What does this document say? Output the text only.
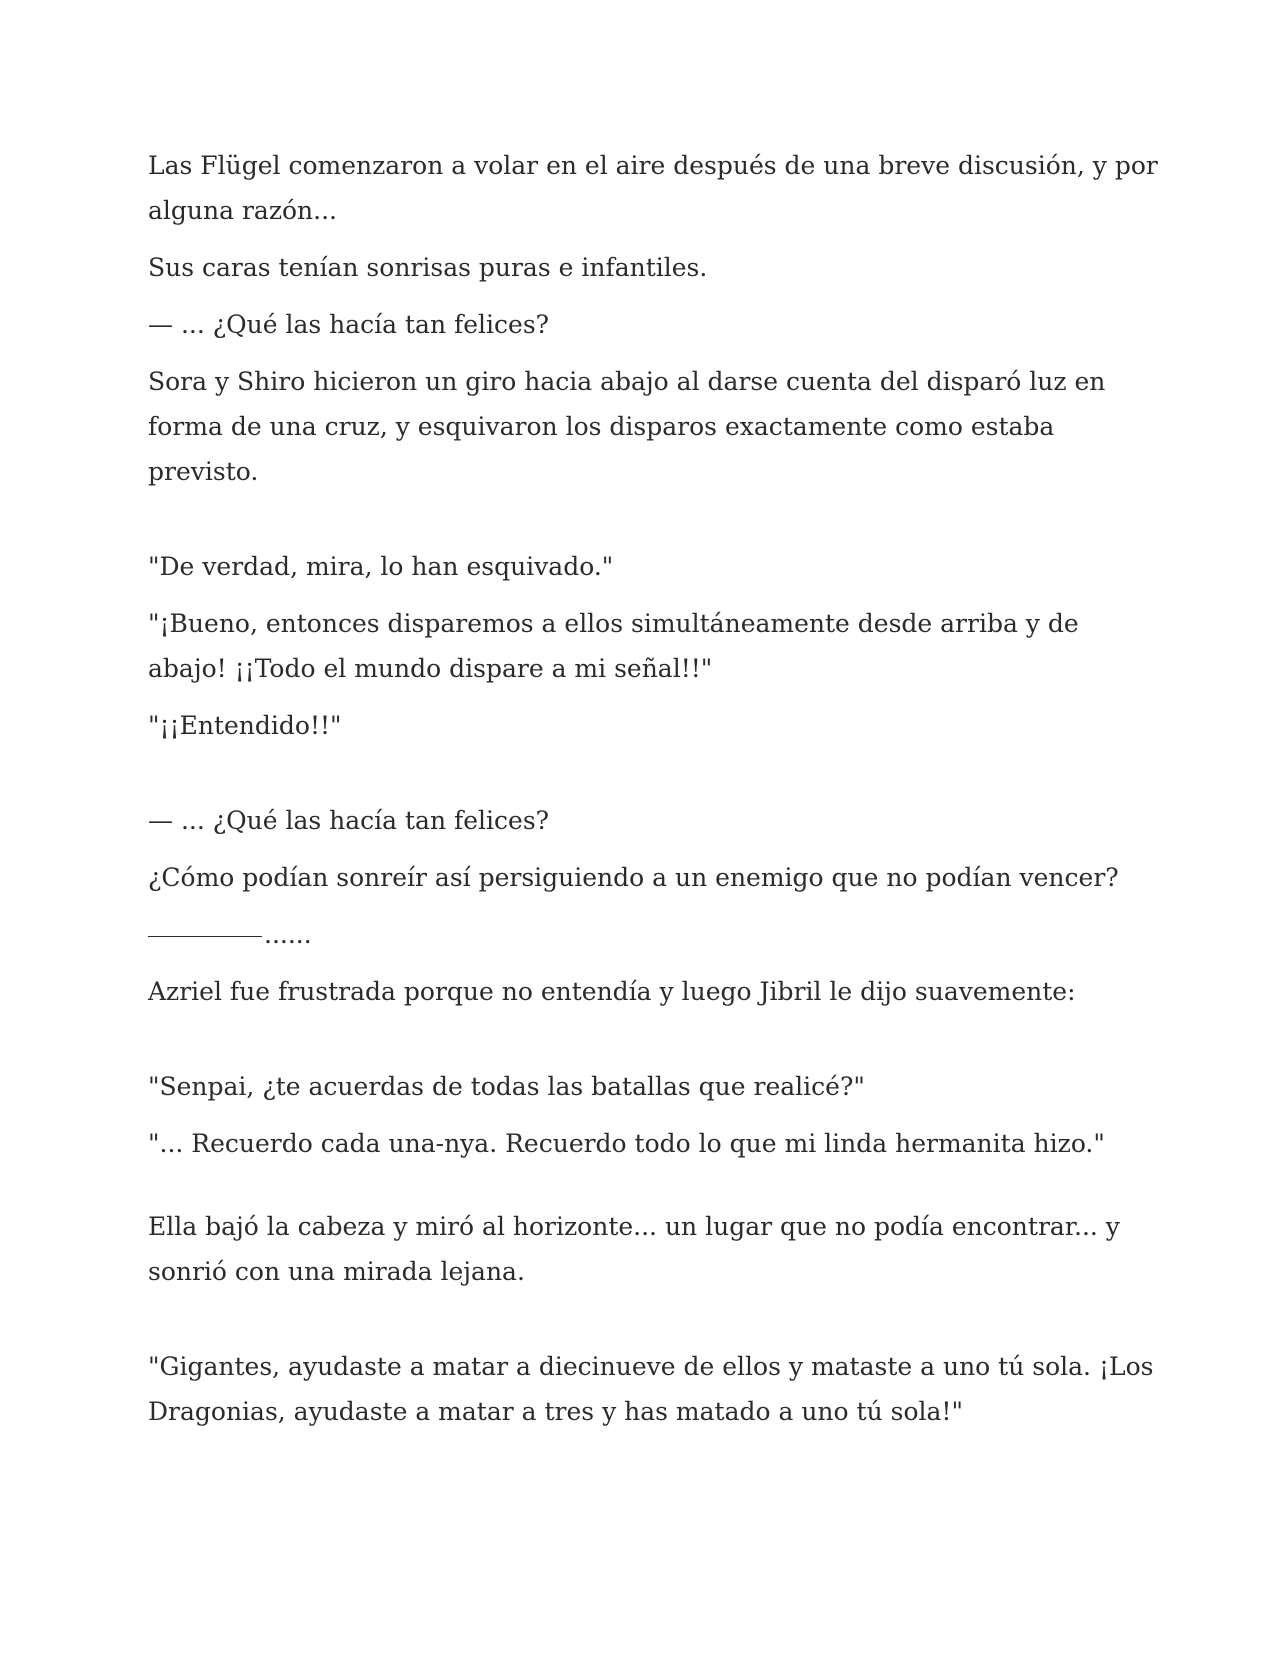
Las Flügel comenzaron a volar en el aire después de una breve discusión, y por alguna razón...

Sus caras tenían sonrisas puras e infantiles.

— ... ¿Qué las hacía tan felices?

Sora y Shiro hicieron un giro hacia abajo al darse cuenta del disparó luz en forma de una cruz, y esquivaron los disparos exactamente como estaba previsto.

"De verdad, mira, lo han esquivado."

"¡Bueno, entonces disparemos a ellos simultáneamente desde arriba y de abajo! ¡¡Todo el mundo dispare a mi señal!!"

"¡¡Entendido!!"

— ... ¿Qué las hacía tan felices?

¿Cómo podían sonreír así persiguiendo a un enemigo que no podían vencer?

......

Azriel fue frustrada porque no entendía y luego Jibril le dijo suavemente:

"Senpai, ¿te acuerdas de todas las batallas que realicé?"

"... Recuerdo cada una-nya. Recuerdo todo lo que mi linda hermanita hizo."

Ella bajó la cabeza y miró al horizonte... un lugar que no podía encontrar... y sonrió con una mirada lejana.

"Gigantes, ayudaste a matar a diecinueve de ellos y mataste a uno tú sola. ¡Los Dragonias, ayudaste a matar a tres y has matado a uno tú sola!"
